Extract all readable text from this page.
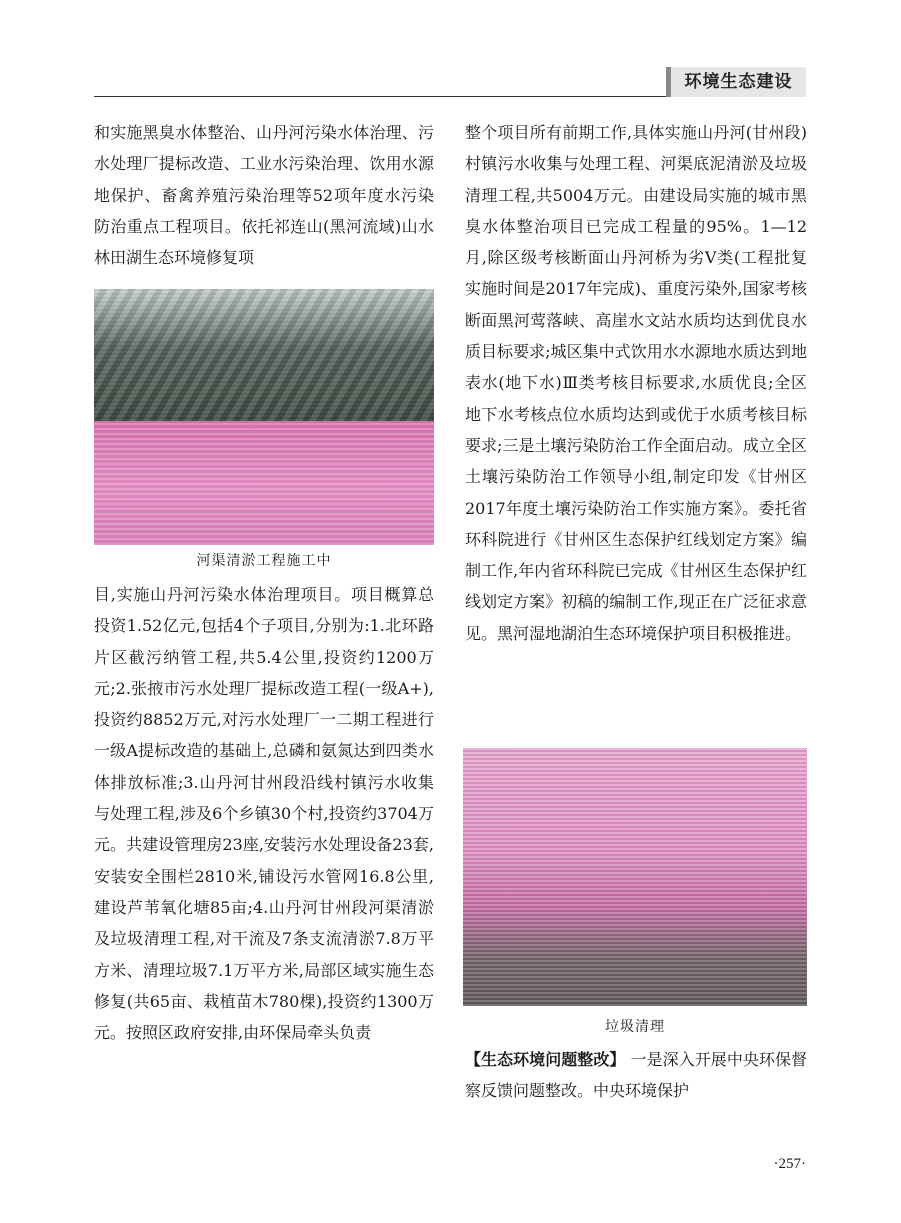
环境生态建设

和实施黑臭水体整治、山丹河污染水体治理、污水处理厂提标改造、工业水污染治理、饮用水源地保护、畜禽养殖污染治理等52项年度水污染防治重点工程项目。依托祁连山(黑河流域)山水林田湖生态环境修复项

河渠清淤工程施工中

目,实施山丹河污染水体治理项目。项目概算总投资1.52亿元,包括4个子项目,分别为:1.北环路片区截污纳管工程,共5.4公里,投资约1200万元;2.张掖市污水处理厂提标改造工程(一级A+),投资约8852万元,对污水处理厂一二期工程进行一级A提标改造的基础上,总磷和氨氮达到四类水体排放标准;3.山丹河甘州段沿线村镇污水收集与处理工程,涉及6个乡镇30个村,投资约3704万元。共建设管理房23座,安装污水处理设备23套,安装安全围栏2810米,铺设污水管网16.8公里,建设芦苇氧化塘85亩;4.山丹河甘州段河渠清淤及垃圾清理工程,对干流及7条支流清淤7.8万平方米、清理垃圾7.1万平方米,局部区域实施生态修复(共65亩、栽植苗木780棵),投资约1300万元。按照区政府安排,由环保局牵头负责

整个项目所有前期工作,具体实施山丹河(甘州段)村镇污水收集与处理工程、河渠底泥清淤及垃圾清理工程,共5004万元。由建设局实施的城市黑臭水体整治项目已完成工程量的95%。1—12月,除区级考核断面山丹河桥为劣Ⅴ类(工程批复实施时间是2017年完成)、重度污染外,国家考核断面黑河莺落峡、高崖水文站水质均达到优良水质目标要求;城区集中式饮用水水源地水质达到地表水(地下水)Ⅲ类考核目标要求,水质优良;全区地下水考核点位水质均达到或优于水质考核目标要求;三是土壤污染防治工作全面启动。成立全区土壤污染防治工作领导小组,制定印发《甘州区2017年度土壤污染防治工作实施方案》。委托省环科院进行《甘州区生态保护红线划定方案》编制工作,年内省环科院已完成《甘州区生态保护红线划定方案》初稿的编制工作,现正在广泛征求意见。黑河湿地湖泊生态环境保护项目积极推进。

垃圾清理

【生态环境问题整改】 一是深入开展中央环保督察反馈问题整改。中央环境保护

·257·
